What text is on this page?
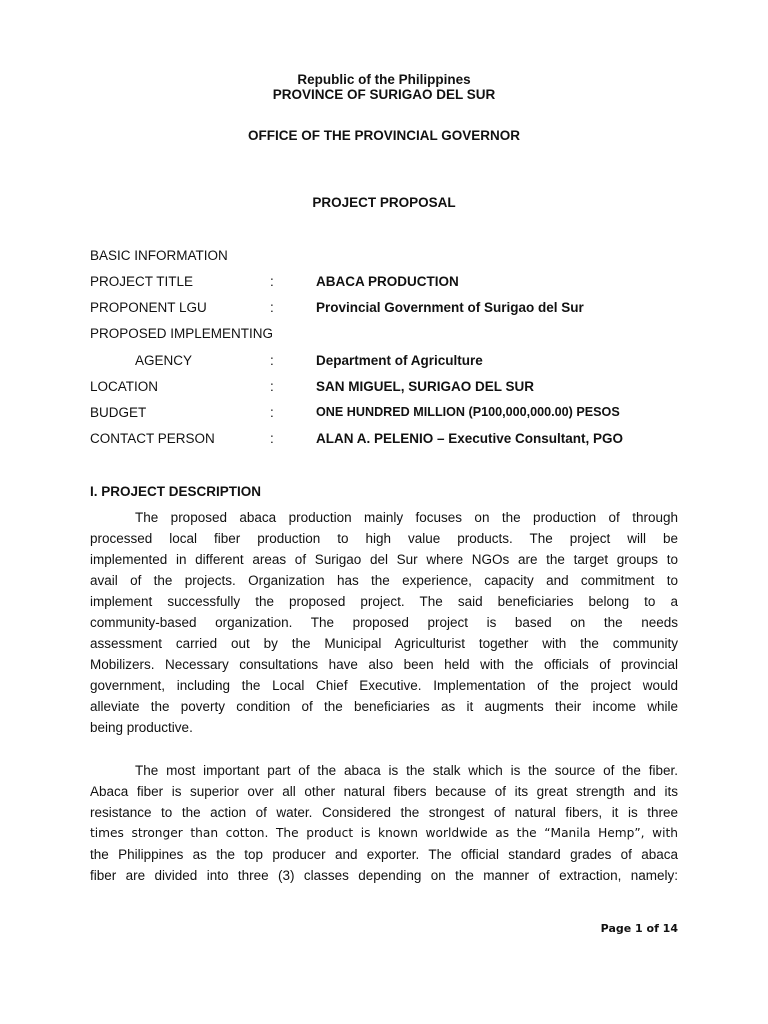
Republic of the Philippines
PROVINCE OF SURIGAO DEL SUR
OFFICE OF THE PROVINCIAL GOVERNOR
PROJECT PROPOSAL
BASIC INFORMATION
PROJECT TITLE	:	ABACA PRODUCTION
PROPONENT LGU	:	Provincial Government of Surigao del Sur
PROPOSED IMPLEMENTING
AGENCY	:	Department of Agriculture
LOCATION	:	SAN MIGUEL, SURIGAO DEL SUR
BUDGET	:	ONE HUNDRED MILLION (P100,000,000.00) PESOS
CONTACT PERSON	:	ALAN A. PELENIO – Executive Consultant, PGO
I. PROJECT DESCRIPTION
The proposed abaca production mainly focuses on the production of through
processed local fiber production to high value products. The project will be
implemented in different areas of Surigao del Sur where NGOs are the target groups to
avail of the projects. Organization has the experience, capacity and commitment to
implement successfully the proposed project. The said beneficiaries belong to a
community-based organization. The proposed project is based on the needs
assessment carried out by the Municipal Agriculturist together with the community
Mobilizers. Necessary consultations have also been held with the officials of provincial
government, including the Local Chief Executive. Implementation of the project would
alleviate the poverty condition of the beneficiaries as it augments their income while
being productive.
The most important part of the abaca is the stalk which is the source of the fiber.
Abaca fiber is superior over all other natural fibers because of its great strength and its
resistance to the action of water. Considered the strongest of natural fibers, it is three
times stronger than cotton. The product is known worldwide as the “Manila Hemp”, with
the Philippines as the top producer and exporter. The official standard grades of abaca
fiber are divided into three (3) classes depending on the manner of extraction, namely:
Page 1 of 14
